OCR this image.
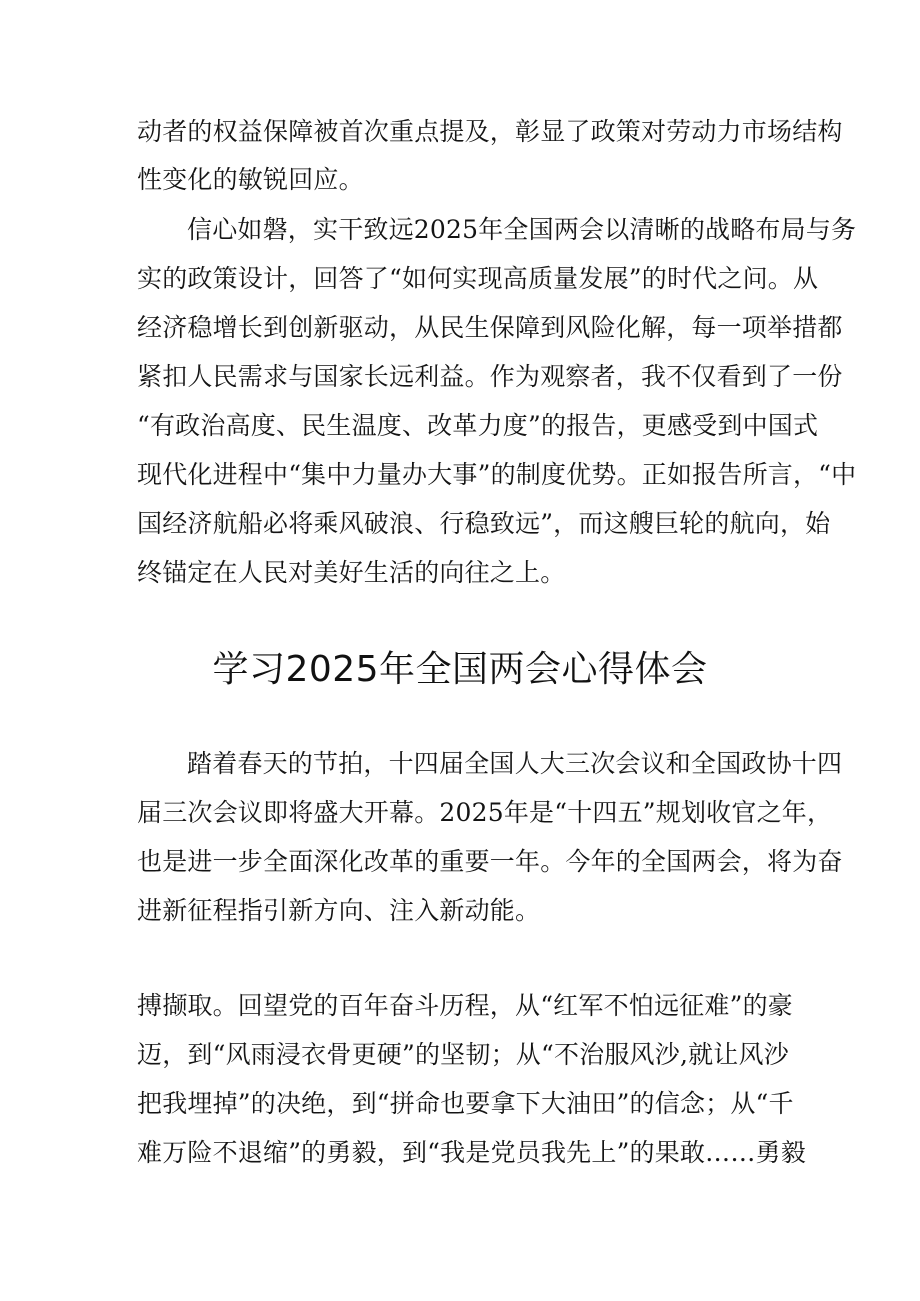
动者的权益保障被首次重点提及，彰显了政策对劳动力市场结构
性变化的敏锐回应。
信心如磐，实干致远2025年全国两会以清晰的战略布局与务
实的政策设计，回答了“如何实现高质量发展”的时代之问。从
经济稳增长到创新驱动，从民生保障到风险化解，每一项举措都
紧扣人民需求与国家长远利益。作为观察者，我不仅看到了一份
“有政治高度、民生温度、改革力度”的报告，更感受到中国式
现代化进程中“集中力量办大事”的制度优势。正如报告所言，“中
国经济航船必将乘风破浪、行稳致远”，而这艘巨轮的航向，始
终锚定在人民对美好生活的向往之上。
学习2025年全国两会心得体会
踏着春天的节拍，十四届全国人大三次会议和全国政协十四
届三次会议即将盛大开幕。2025年是“十四五”规划收官之年，
也是进一步全面深化改革的重要一年。今年的全国两会，将为奋
进新征程指引新方向、注入新动能。
搏撷取。回望党的百年奋斗历程，从“红军不怕远征难”的豪
迈，到“风雨浸衣骨更硬”的坚韧；从“不治服风沙,就让风沙
把我埋掉”的决绝，到“拼命也要拿下大油田”的信念；从“千
难万险不退缩”的勇毅，到“我是党员我先上”的果敢……勇毅
